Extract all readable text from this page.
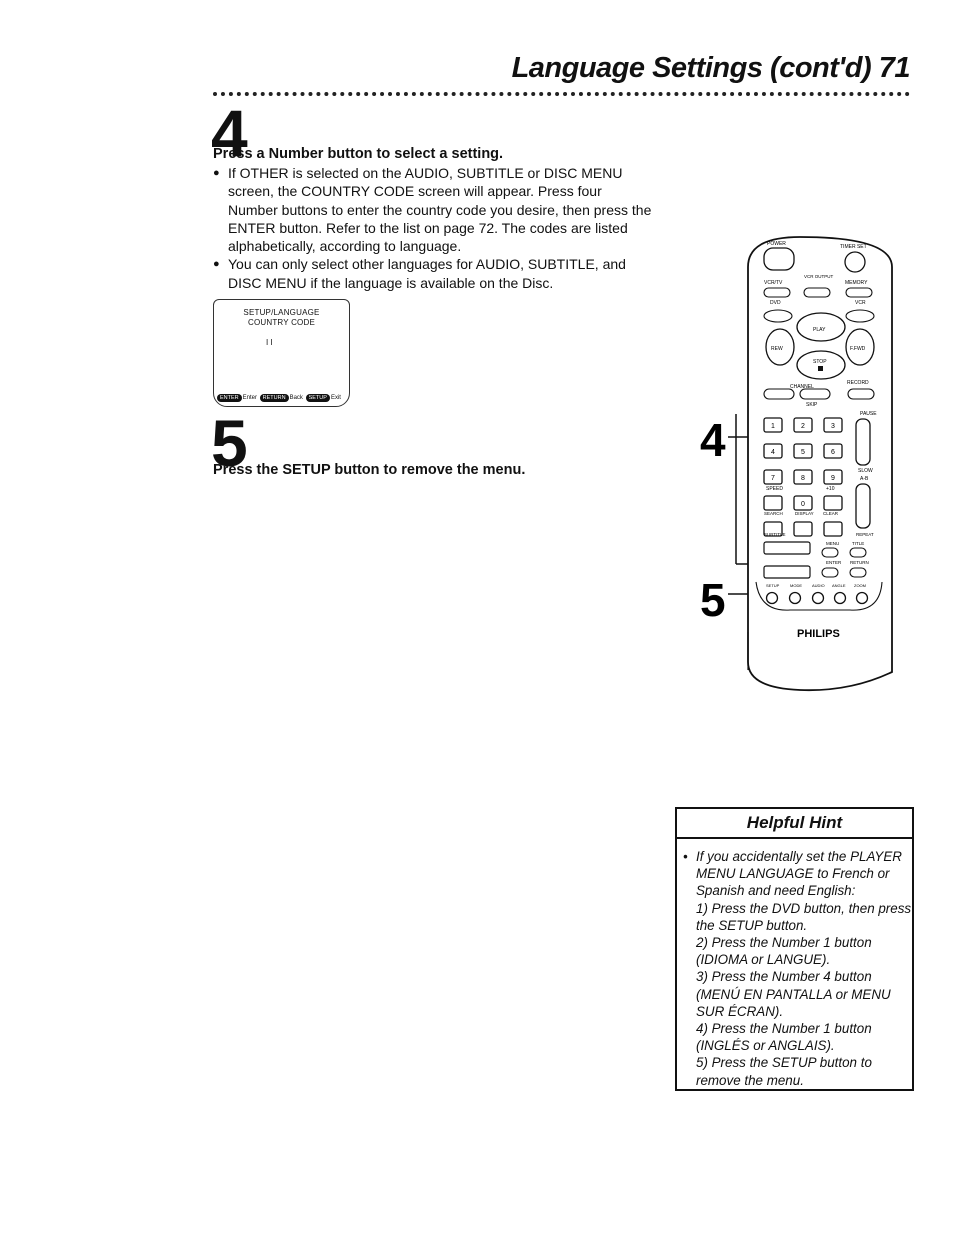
Language Settings (cont'd) 71
4
Press a Number button to select a setting.
● If OTHER is selected on the AUDIO, SUBTITLE or DISC MENU screen, the COUNTRY CODE screen will appear. Press four Number buttons to enter the country code you desire, then press the ENTER button. Refer to the list on page 72. The codes are listed alphabetically, according to language.
● You can only select other languages for AUDIO, SUBTITLE, and DISC MENU if the language is available on the Disc.
SETUP/LANGUAGE
COUNTRY CODE
I I
ENTER Enter RETURN Back SETUP Exit
5
Press the SETUP button to remove the menu.
4
5
POWER	TIMER SET
VCR/TV
VCR OUTPUT
MEMORY
DVD	VCR
PLAY
REW	F.FWD
STOP
CHANNEL
RECORD
SKIP
PAUSE
1	2	3
4	5	6
7	8	9
0
SLOW
SPEED	+10
A-B
SEARCH	DISPLAY CLEAR
SUBTITLE	REPEAT
MENU	TITLE
ENTER RETURN
SETUP	MODE	AUDIO ANGLE ZOOM
PHILIPS
Helpful Hint
• If you accidentally set the PLAYER
MENU LANGUAGE to French or
Spanish and need English:
1) Press the DVD button, then press
the SETUP button.
2) Press the Number 1 button
(IDIOMA or LANGUE).
3) Press the Number 4 button
(MENÚ EN PANTALLA or MENU
SUR ÉCRAN).
4) Press the Number 1 button
(INGLÉS or ANGLAIS).
5) Press the SETUP button to
remove the menu.
